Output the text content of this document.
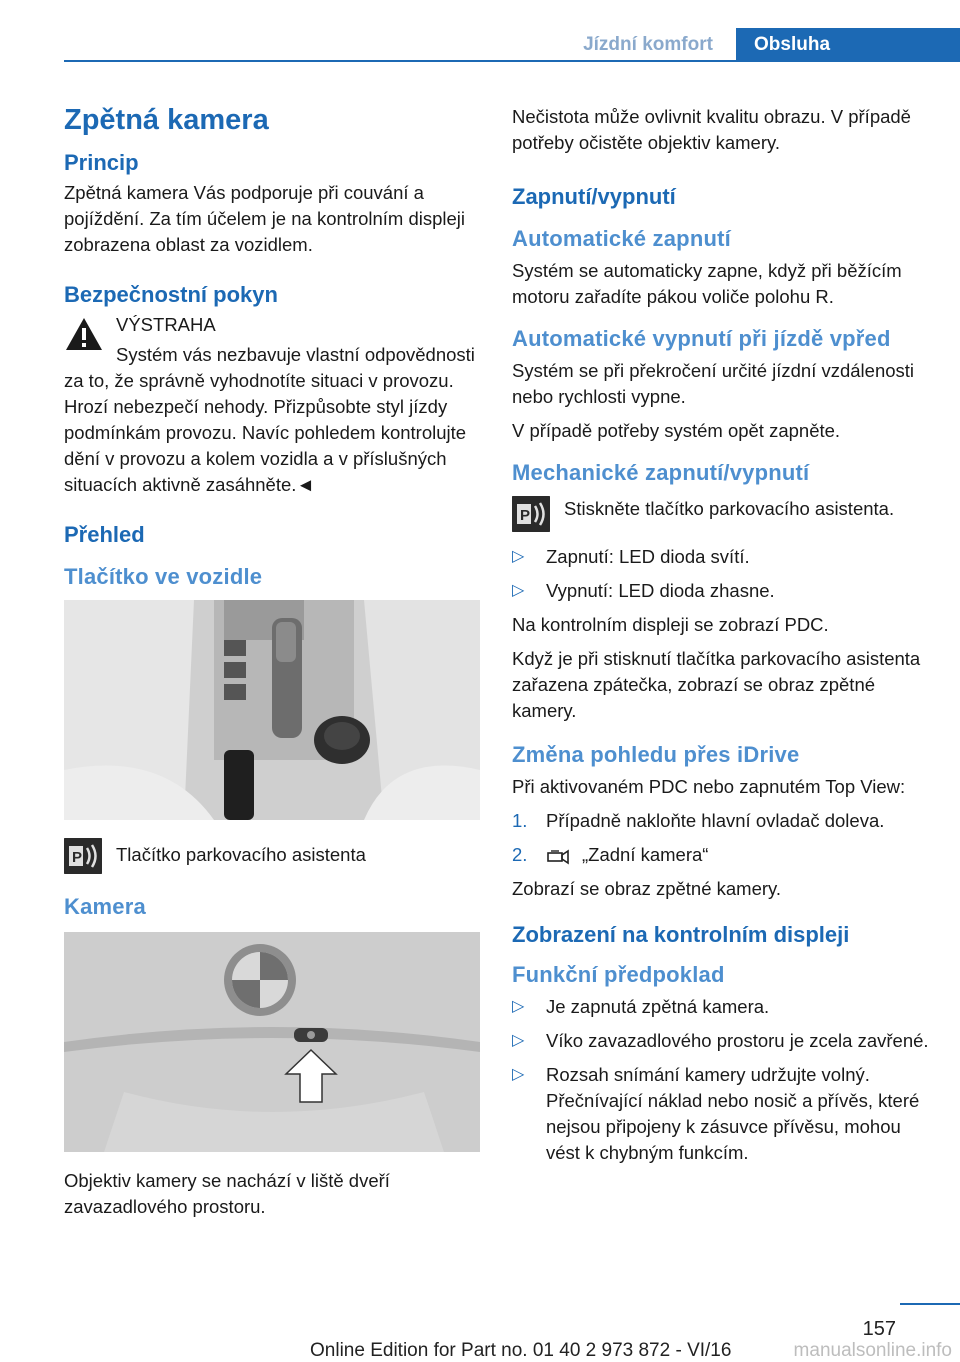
Jízdní komfort	Obsluha
Zpětná kamera
Princip
Zpětná kamera Vás podporuje při couvání a pojíždění. Za tím účelem je na kontrolním displeji zobrazena oblast za vozidlem.
Bezpečnostní pokyn
VÝSTRAHA
Systém vás nezbavuje vlastní odpovědnosti za to, že správně vyhodnotíte situaci v provozu. Hrozí nebezpečí nehody. Přizpůsobte styl jízdy podmínkám provozu. Navíc pohledem kontrolujte dění v provozu a kolem vozidla a v příslušných situacích aktivně zasáhněte.◄
Přehled
Tlačítko ve vozidle
P Tlačítko parkovacího asistenta
Kamera
Objektiv kamery se nachází v liště dveří zavazadlového prostoru.
Nečistota může ovlivnit kvalitu obrazu. V případě potřeby očistěte objektiv kamery.
Zapnutí/vypnutí
Automatické zapnutí
Systém se automaticky zapne, když při běžícím motoru zařadíte pákou voliče polohu R.
Automatické vypnutí při jízdě vpřed
Systém se při překročení určité jízdní vzdálenosti nebo rychlosti vypne.
V případě potřeby systém opět zapněte.
Mechanické zapnutí/vypnutí
P Stiskněte tlačítko parkovacího asistenta.
▷ Zapnutí: LED dioda svítí.
▷ Vypnutí: LED dioda zhasne.
Na kontrolním displeji se zobrazí PDC.
Když je při stisknutí tlačítka parkovacího asistenta zařazena zpátečka, zobrazí se obraz zpětné kamery.
Změna pohledu přes iDrive
Při aktivovaném PDC nebo zapnutém Top View:
1. Případně nakloňte hlavní ovladač doleva.
2.	„Zadní kamera“
Zobrazí se obraz zpětné kamery.
Zobrazení na kontrolním displeji
Funkční předpoklad
▷ Je zapnutá zpětná kamera.
▷ Víko zavazadlového prostoru je zcela zavřené.
▷ Rozsah snímání kamery udržujte volný. Přečnívající náklad nebo nosič a přívěs, které nejsou připojeny k zásuvce přívěsu, mohou vést k chybným funkcím.
157
Online Edition for Part no. 01 40 2 973 872 - VI/16	manualsonline.info
